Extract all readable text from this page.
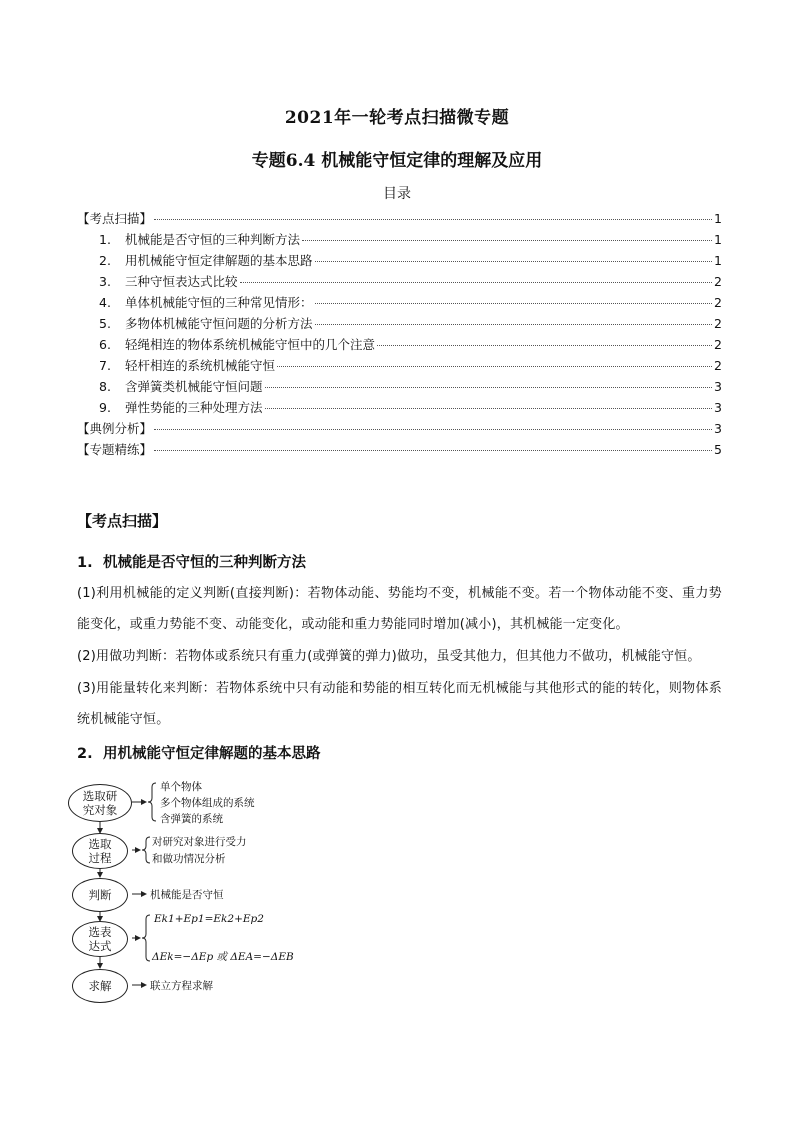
2021年一轮考点扫描微专题
专题6.4 机械能守恒定律的理解及应用
目录
【考点扫描】	1
1.	机械能是否守恒的三种判断方法	1
2.	用机械能守恒定律解题的基本思路	1
3.	三种守恒表达式比较	2
4.	单体机械能守恒的三种常见情形：	2
5.	多物体机械能守恒问题的分析方法	2
6.	轻绳相连的物体系统机械能守恒中的几个注意	2
7.	轻杆相连的系统机械能守恒	2
8.	含弹簧类机械能守恒问题	3
9.	弹性势能的三种处理方法	3
【典例分析】	3
【专题精练】	5
【考点扫描】
1. 机械能是否守恒的三种判断方法
(1)利用机械能的定义判断(直接判断)：若物体动能、势能均不变，机械能不变。若一个物体动能不变、重力势能变化，或重力势能不变、动能变化，或动能和重力势能同时增加(减小)，其机械能一定变化。
(2)用做功判断：若物体或系统只有重力(或弹簧的弹力)做功，虽受其他力，但其他力不做功，机械能守恒。
(3)用能量转化来判断：若物体系统中只有动能和势能的相互转化而无机械能与其他形式的能的转化，则物体系统机械能守恒。
2. 用机械能守恒定律解题的基本思路
选取研
究对象
选取
过程
判断
选表
达式
求解
单个物体
多个物体组成的系统
含弹簧的系统
对研究对象进行受力
和做功情况分析
机械能是否守恒
Ek1+Ep1=Ek2+Ep2
ΔEk=−ΔEp 或 ΔEA=−ΔEB
联立方程求解
